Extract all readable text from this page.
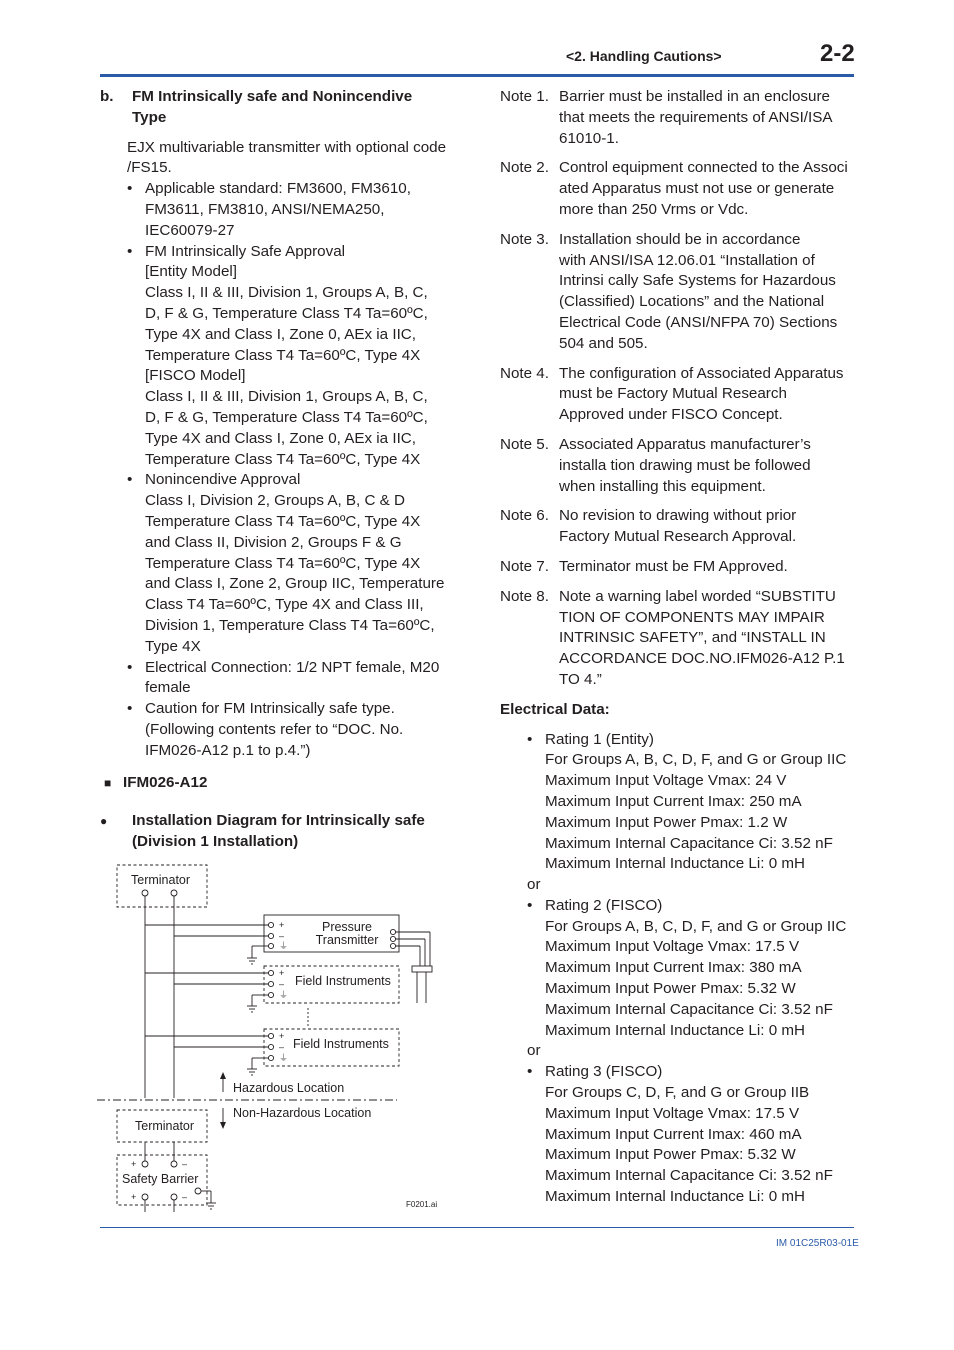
<2. Handling Cautions>	2-2
b. FM Intrinsically safe and Nonincendive
Type
EJX multivariable transmitter with optional code
/FS15.
• Applicable standard: FM3600, FM3610,
FM3611, FM3810, ANSI/NEMA250,
IEC60079-27
• FM Intrinsically Safe Approval
[Entity Model]
Class I, II & III, Division 1, Groups A, B, C,
D, F & G, Temperature Class T4 Ta=60ºC,
Type 4X and Class I, Zone 0, AEx ia IIC,
Temperature Class T4 Ta=60ºC, Type 4X
[FISCO Model]
Class I, II & III, Division 1, Groups A, B, C,
D, F & G, Temperature Class T4 Ta=60ºC,
Type 4X and Class I, Zone 0, AEx ia IIC,
Temperature Class T4 Ta=60ºC, Type 4X
• Nonincendive Approval
Class I, Division 2, Groups A, B, C & D
Temperature Class T4 Ta=60ºC, Type 4X
and Class II, Division 2, Groups F & G
Temperature Class T4 Ta=60ºC, Type 4X
and Class I, Zone 2, Group IIC, Temperature
Class T4 Ta=60ºC, Type 4X and Class III,
Division 1, Temperature Class T4 Ta=60ºC,
Type 4X
• Electrical Connection: 1/2 NPT female, M20
female
• Caution for FM Intrinsically safe type.
(Following contents refer to “DOC. No.
IFM026-A12 p.1 to p.4.”)
■ IFM026-A12
● Installation Diagram for Intrinsically safe
(Division 1 Installation)
+
–
⏚
+
–
⏚
+
–
⏚
+	–
+	–
Terminator
Pressure
Transmitter
Field Instruments
Field Instruments
Hazardous Location
Non-Hazardous Location
Terminator
Safety Barrier
F0201.ai
Note 1. Barrier must be installed in an enclosure
that meets the requirements of ANSI/ISA
61010-1.
Note 2. Control equipment connected to the Associ
ated Apparatus must not use or generate
more than 250 Vrms or Vdc.
Note 3. Installation should be in accordance
with ANSI/ISA 12.06.01 “Installation of
Intrinsi cally Safe Systems for Hazardous
(Classified) Locations” and the National
Electrical Code (ANSI/NFPA 70) Sections
504 and 505.
Note 4. The configuration of Associated Apparatus
must be Factory Mutual Research
Approved under FISCO Concept.
Note 5. Associated Apparatus manufacturer’s
installa tion drawing must be followed
when installing this equipment.
Note 6. No revision to drawing without prior
Factory Mutual Research Approval.
Note 7. Terminator must be FM Approved.
Note 8. Note a warning label worded “SUBSTITU
TION OF COMPONENTS MAY IMPAIR
INTRINSIC SAFETY”, and “INSTALL IN
ACCORDANCE DOC.NO.IFM026-A12 P.1
TO 4.”
Electrical Data:
• Rating 1 (Entity)
For Groups A, B, C, D, F, and G or Group IIC
Maximum Input Voltage Vmax: 24 V
Maximum Input Current Imax: 250 mA
Maximum Input Power Pmax: 1.2 W
Maximum Internal Capacitance Ci: 3.52 nF
Maximum Internal Inductance Li: 0 mH
or
• Rating 2 (FISCO)
For Groups A, B, C, D, F, and G or Group IIC
Maximum Input Voltage Vmax: 17.5 V
Maximum Input Current Imax: 380 mA
Maximum Input Power Pmax: 5.32 W
Maximum Internal Capacitance Ci: 3.52 nF
Maximum Internal Inductance Li: 0 mH
or
• Rating 3 (FISCO)
For Groups C, D, F, and G or Group IIB
Maximum Input Voltage Vmax: 17.5 V
Maximum Input Current Imax: 460 mA
Maximum Input Power Pmax: 5.32 W
Maximum Internal Capacitance Ci: 3.52 nF
Maximum Internal Inductance Li: 0 mH
IM 01C25R03-01E
